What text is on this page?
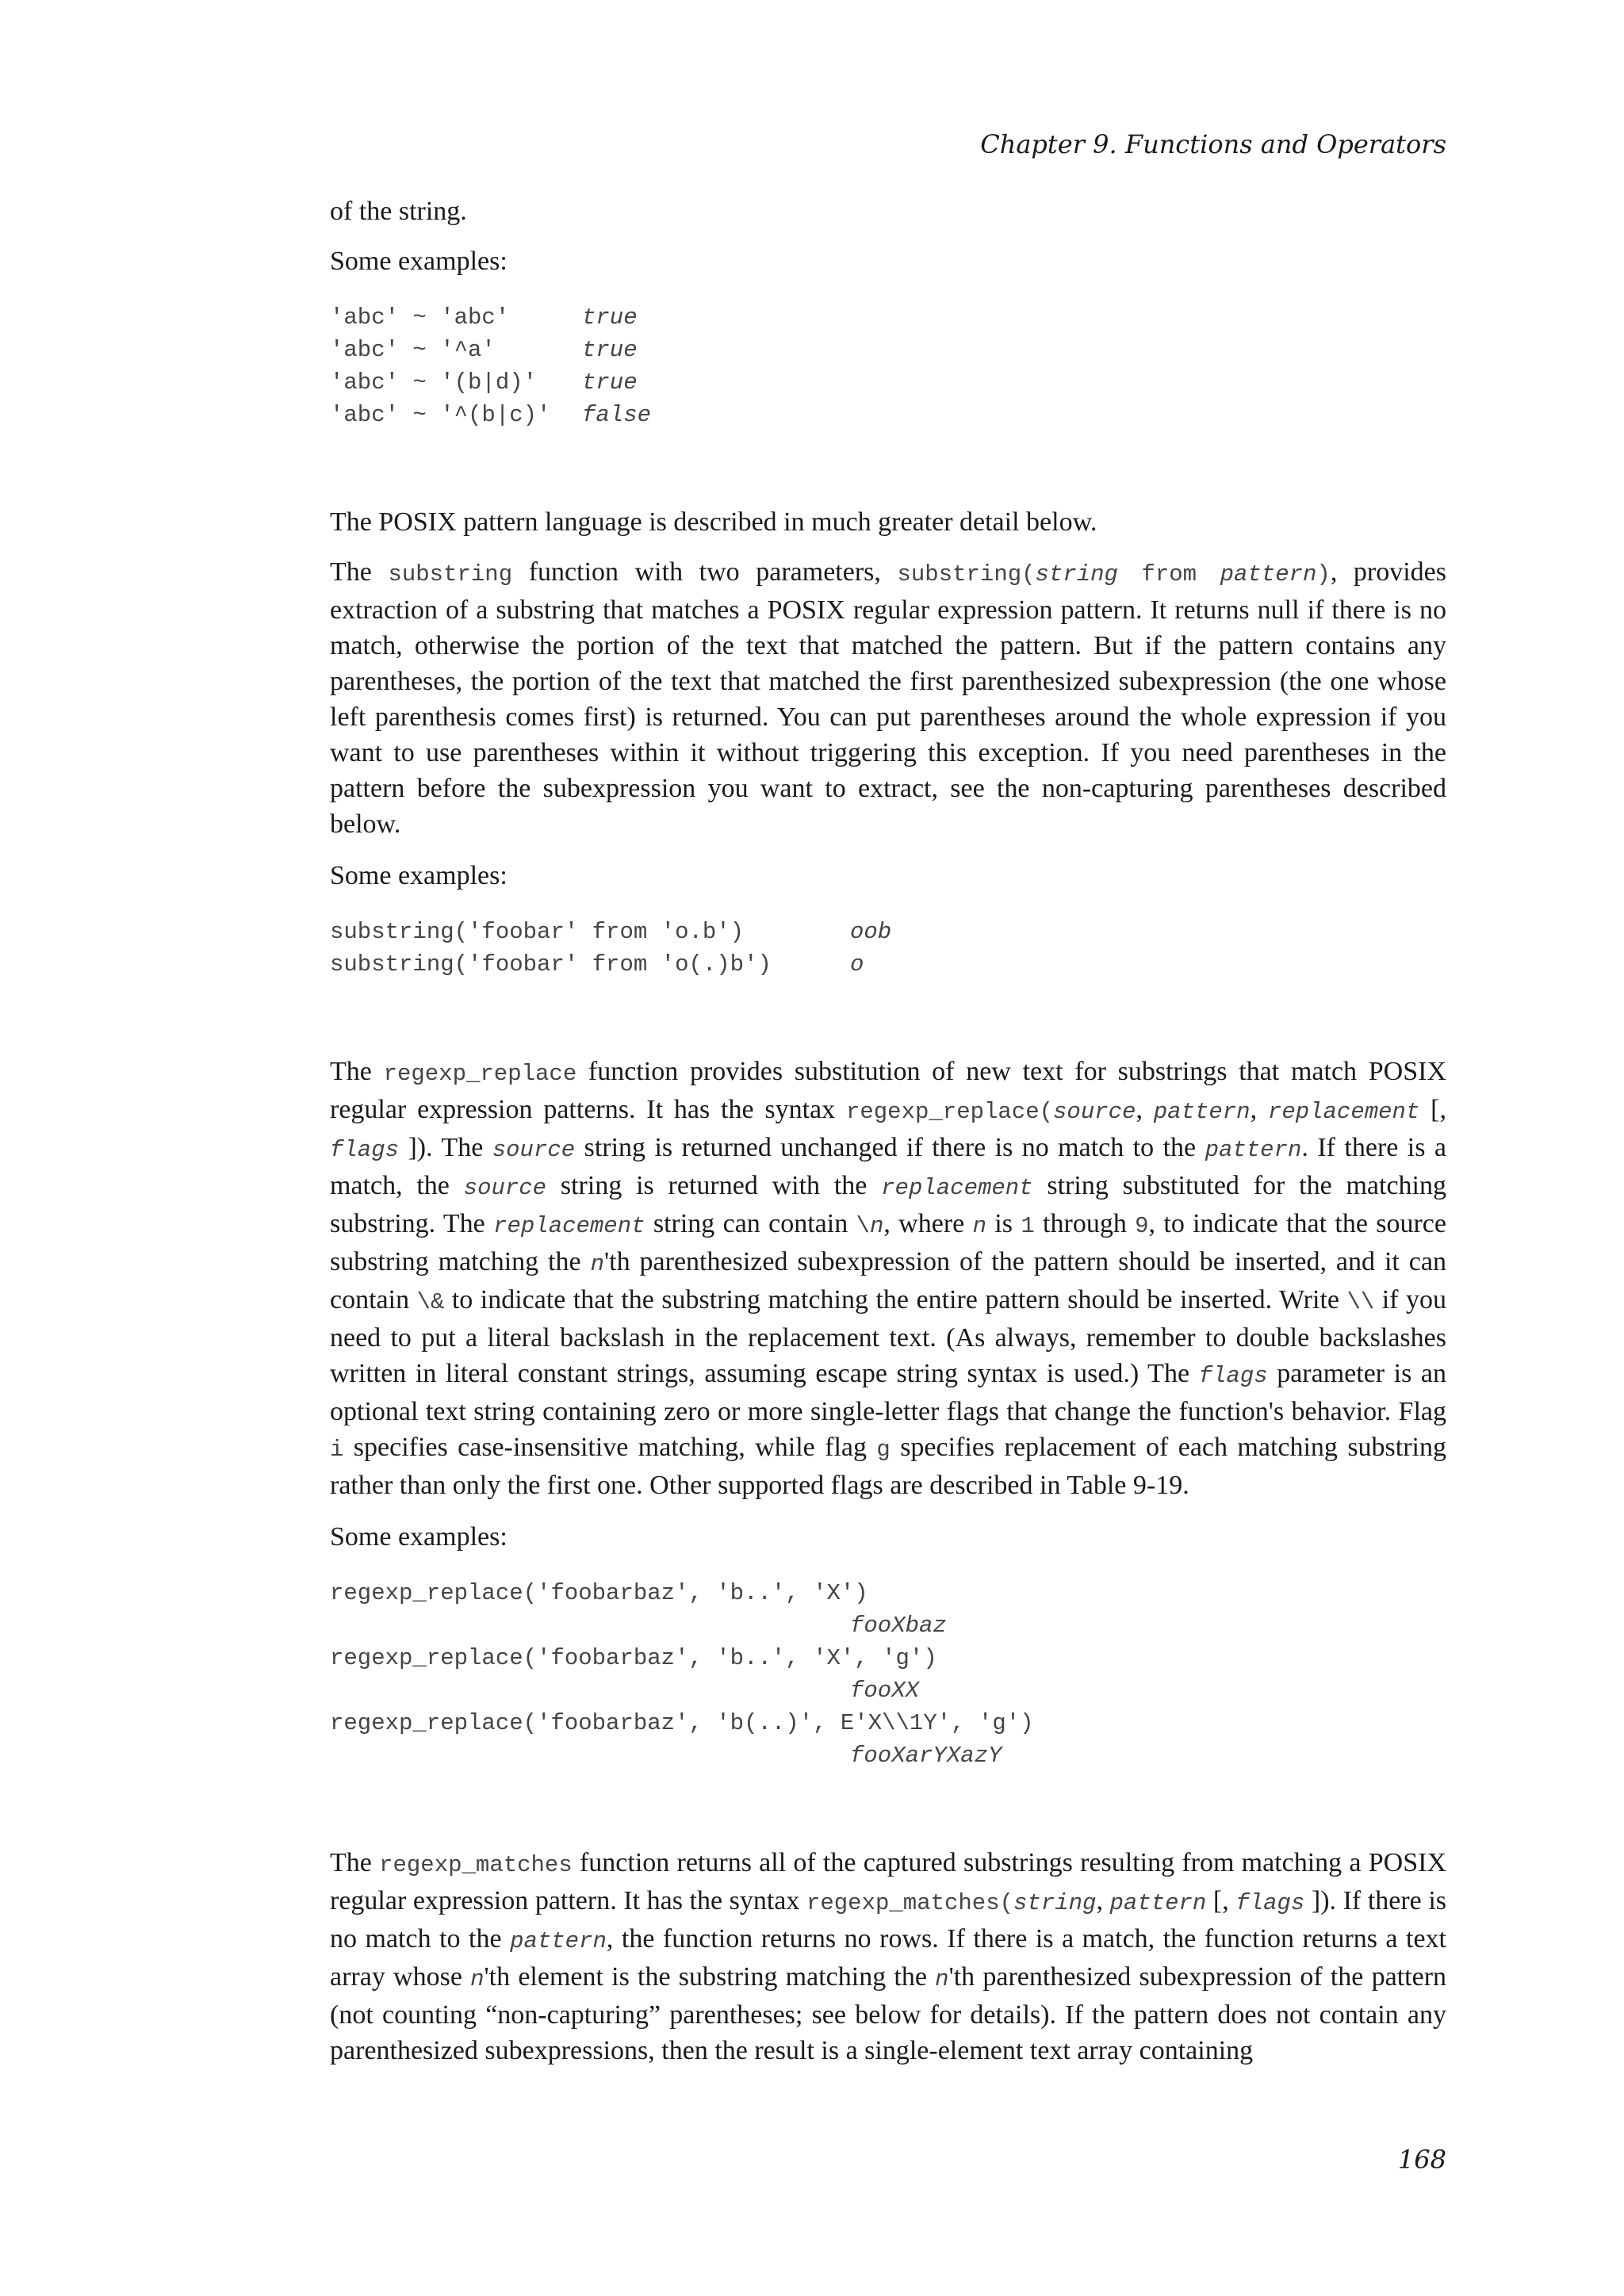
Chapter 9. Functions and Operators

of the string.

Some examples:

'abc' ~ 'abc'	true
'abc' ~ '^a'	true
'abc' ~ '(b|d)' true
'abc' ~ '^(b|c)' false

The POSIX pattern language is described in much greater detail below.

The substring function with two parameters, substring(string from pattern), provides extraction of a substring that matches a POSIX regular expression pattern. It returns null if there is no match, otherwise the portion of the text that matched the pattern. But if the pattern contains any parentheses, the portion of the text that matched the first parenthesized subexpression (the one whose left parenthesis comes first) is returned. You can put parentheses around the whole expression if you want to use parentheses within it without triggering this exception. If you need parentheses in the pattern before the subexpression you want to extract, see the non-capturing parentheses described below.

Some examples:

substring('foobar' from 'o.b')	oob
substring('foobar' from 'o(.)b')	o

The regexp_replace function provides substitution of new text for substrings that match POSIX regular expression patterns. It has the syntax regexp_replace(source, pattern, replacement [, flags ]). The source string is returned unchanged if there is no match to the pattern. If there is a match, the source string is returned with the replacement string substituted for the matching substring. The replacement string can contain \n, where n is 1 through 9, to indicate that the source substring matching the n'th parenthesized subexpression of the pattern should be inserted, and it can contain \& to indicate that the substring matching the entire pattern should be inserted. Write \\ if you need to put a literal backslash in the replacement text. (As always, remember to double backslashes written in literal constant strings, assuming escape string syntax is used.) The flags parameter is an optional text string containing zero or more single-letter flags that change the function's behavior. Flag i specifies case-insensitive matching, while flag g specifies replacement of each matching substring rather than only the first one. Other supported flags are described in Table 9-19.

Some examples:

regexp_replace('foobarbaz', 'b..', 'X')
fooXbaz
regexp_replace('foobarbaz', 'b..', 'X', 'g')
fooXX
regexp_replace('foobarbaz', 'b(..)', E'X\\1Y', 'g')
fooXarYXazY

The regexp_matches function returns all of the captured substrings resulting from matching a POSIX regular expression pattern. It has the syntax regexp_matches(string, pattern [, flags ]). If there is no match to the pattern, the function returns no rows. If there is a match, the function returns a text array whose n'th element is the substring matching the n'th parenthesized subexpression of the pattern (not counting “non-capturing” parentheses; see below for details). If the pattern does not contain any parenthesized subexpressions, then the result is a single-element text array containing

168
